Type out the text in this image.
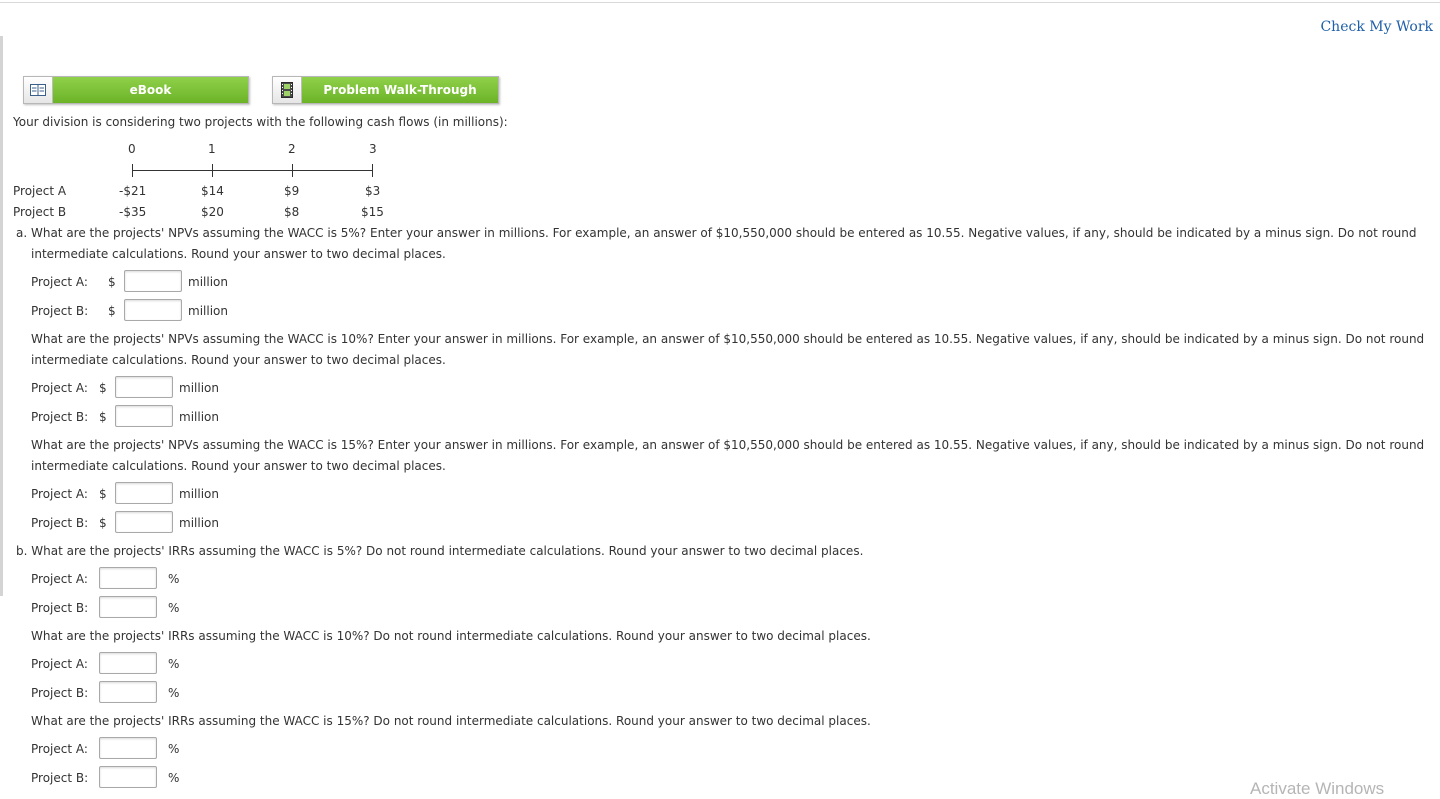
Check My Work
eBook	Problem Walk-Through
Your division is considering two projects with the following cash flows (in millions):
0	1	2	3
Project A	-$21	$14	$9	$3
Project B	-$35	$20	$8	$15
a. What are the projects' NPVs assuming the WACC is 5%? Enter your answer in millions. For example, an answer of $10,550,000 should be entered as 10.55. Negative values, if any, should be indicated by a minus sign. Do not round
intermediate calculations. Round your answer to two decimal places.
Project A: $	million
Project B: $	million
What are the projects' NPVs assuming the WACC is 10%? Enter your answer in millions. For example, an answer of $10,550,000 should be entered as 10.55. Negative values, if any, should be indicated by a minus sign. Do not round
intermediate calculations. Round your answer to two decimal places.
Project A: $	million
Project B: $	million
What are the projects' NPVs assuming the WACC is 15%? Enter your answer in millions. For example, an answer of $10,550,000 should be entered as 10.55. Negative values, if any, should be indicated by a minus sign. Do not round
intermediate calculations. Round your answer to two decimal places.
Project A: $	million
Project B: $	million
b. What are the projects' IRRs assuming the WACC is 5%? Do not round intermediate calculations. Round your answer to two decimal places.
Project A:	%
Project B:	%
What are the projects' IRRs assuming the WACC is 10%? Do not round intermediate calculations. Round your answer to two decimal places.
Project A:	%
Project B:	%
What are the projects' IRRs assuming the WACC is 15%? Do not round intermediate calculations. Round your answer to two decimal places.
Project A:	%
Project B:	%
Activate Windows
